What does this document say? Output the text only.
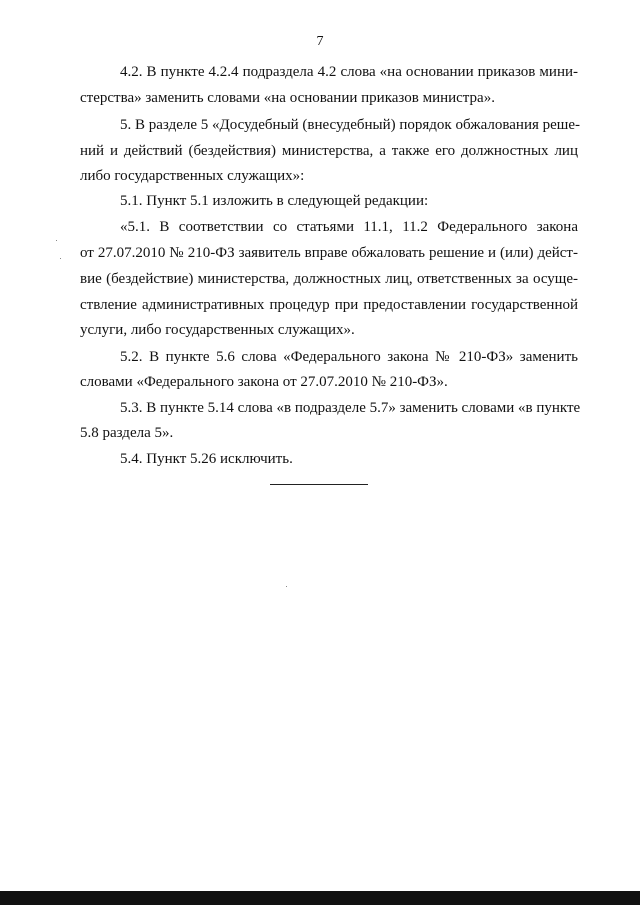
7
4.2. В пункте 4.2.4 подраздела 4.2 слова «на основании приказов мини-
стерства» заменить словами «на основании приказов министра».
5. В разделе 5 «Досудебный (внесудебный) порядок обжалования реше-
ний и действий (бездействия) министерства, а также его должностных лиц
либо государственных служащих»:
5.1. Пункт 5.1 изложить в следующей редакции:
«5.1. В соответствии со статьями 11.1, 11.2 Федерального закона
от 27.07.2010 № 210-ФЗ заявитель вправе обжаловать решение и (или) дейст-
вие (бездействие) министерства, должностных лиц, ответственных за осуще-
ствление административных процедур при предоставлении государственной
услуги, либо государственных служащих».
5.2. В пункте 5.6 слова «Федерального закона № 210-ФЗ» заменить
словами «Федерального закона от 27.07.2010 № 210-ФЗ».
5.3. В пункте 5.14 слова «в подразделе 5.7» заменить словами «в пункте
5.8 раздела 5».
5.4. Пункт 5.26 исключить.
